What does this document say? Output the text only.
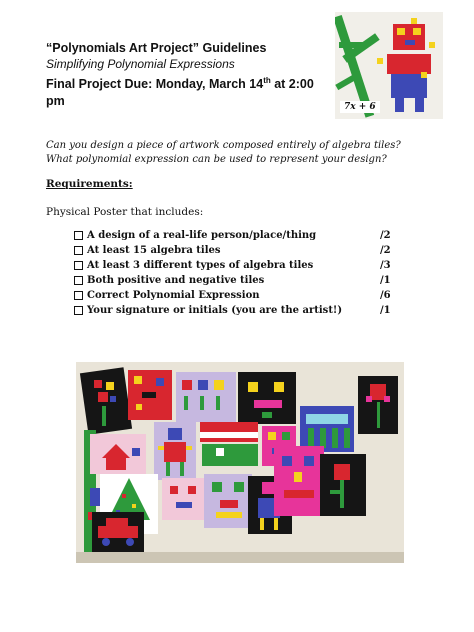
“Polynomials Art Project” Guidelines

Simplifying Polynomial Expressions

Final Project Due: Monday, March 14th at 2:00 pm	7x + 6
Can you design a piece of artwork composed entirely of algebra tiles?
What polynomial expression can be used to represent your design?

Requirements:

Physical Poster that includes:

A design of a real-life person/place/thing	/2
At least 15 algebra tiles	/2
At least 3 different types of algebra tiles	/3
Both positive and negative tiles	/1
Correct Polynomial Expression	/6
Your signature or initials (you are the artist!)	/1
